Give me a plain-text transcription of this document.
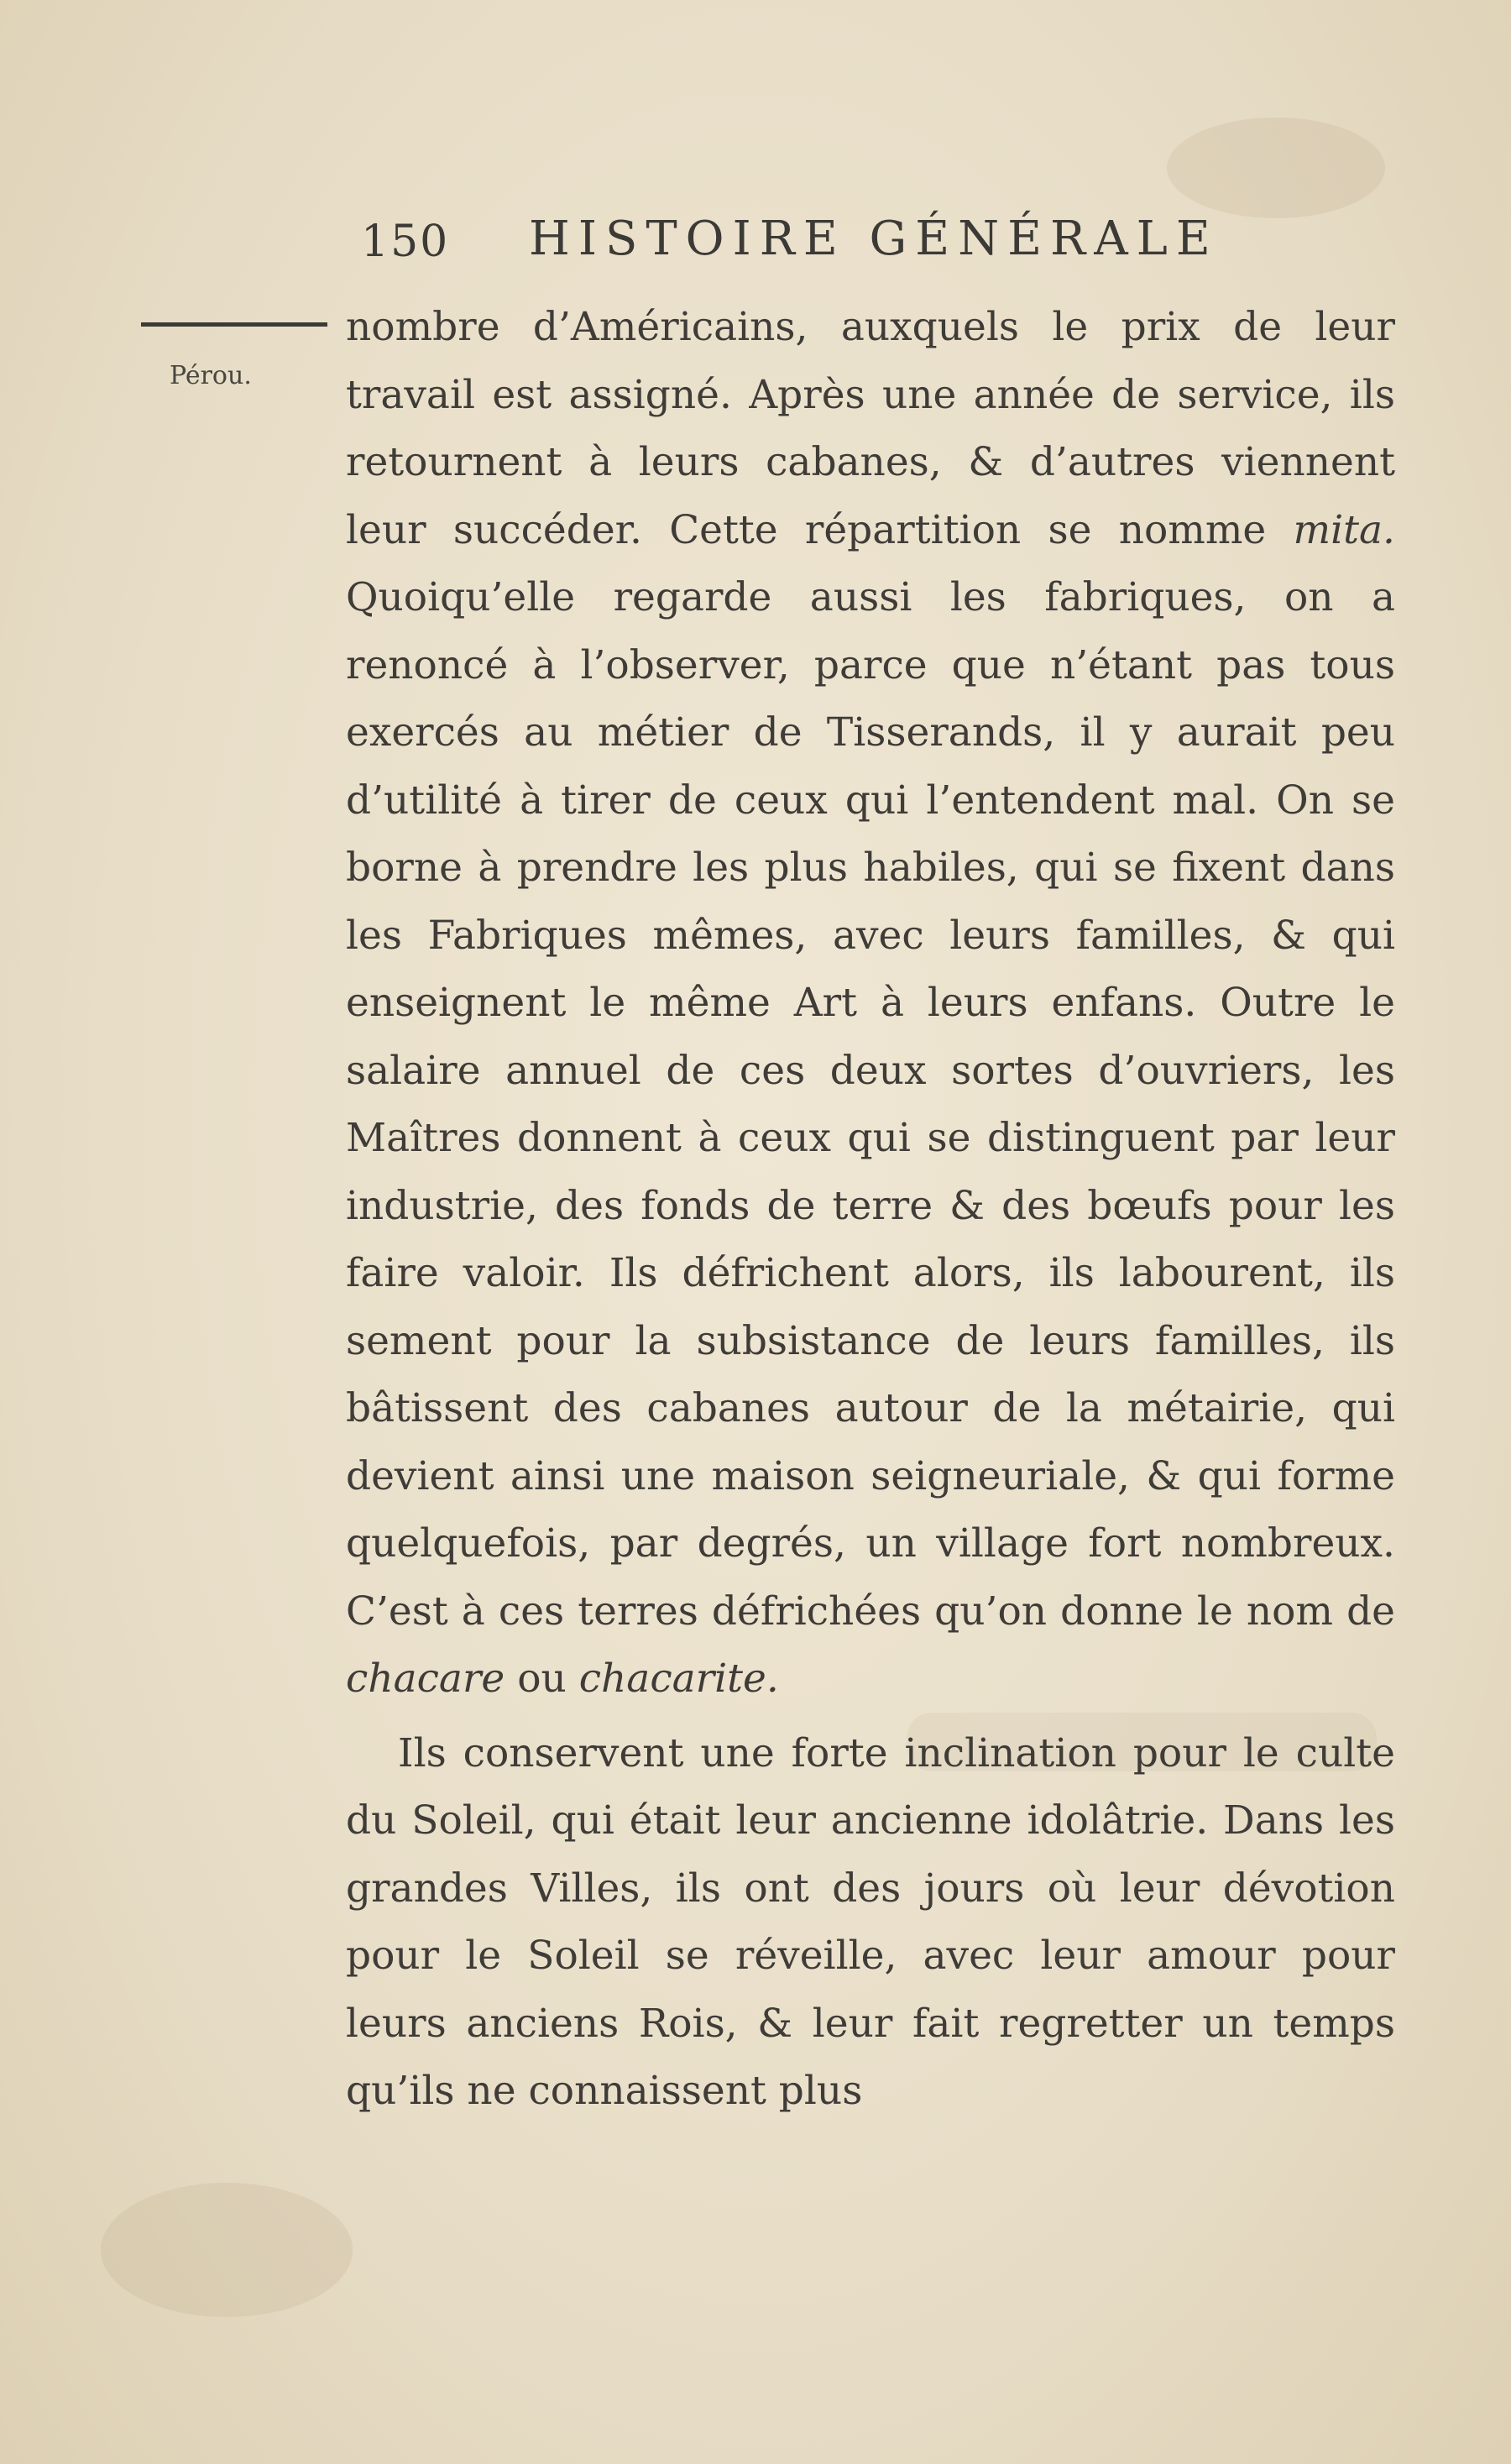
150 HISTOIRE GÉNÉRALE
Pérou.

nombre d’Américains, auxquels le prix de leur travail est assigné. Après une année de service, ils retournent à leurs cabanes, & d’autres viennent leur succéder. Cette répartition se nomme mita. Quoiqu’elle regarde aussi les fabriques, on a renoncé à l’observer, parce que n’étant pas tous exercés au métier de Tisserands, il y aurait peu d’utilité à tirer de ceux qui l’entendent mal. On se borne à prendre les plus habiles, qui se fixent dans les Fabriques mêmes, avec leurs familles, & qui enseignent le même Art à leurs enfans. Outre le salaire annuel de ces deux sortes d’ouvriers, les Maîtres donnent à ceux qui se distinguent par leur industrie, des fonds de terre & des bœufs pour les faire valoir. Ils défrichent alors, ils labourent, ils sement pour la subsistance de leurs familles, ils bâtissent des cabanes autour de la métairie, qui devient ainsi une maison seigneuriale, & qui forme quelquefois, par degrés, un village fort nombreux. C’est à ces terres défrichées qu’on donne le nom de chacare ou chacarite.

Ils conservent une forte inclination pour le culte du Soleil, qui était leur ancienne idolâtrie. Dans les grandes Villes, ils ont des jours où leur dévotion pour le Soleil se réveille, avec leur amour pour leurs anciens Rois, & leur fait regretter un temps qu’ils ne connaissent plus
